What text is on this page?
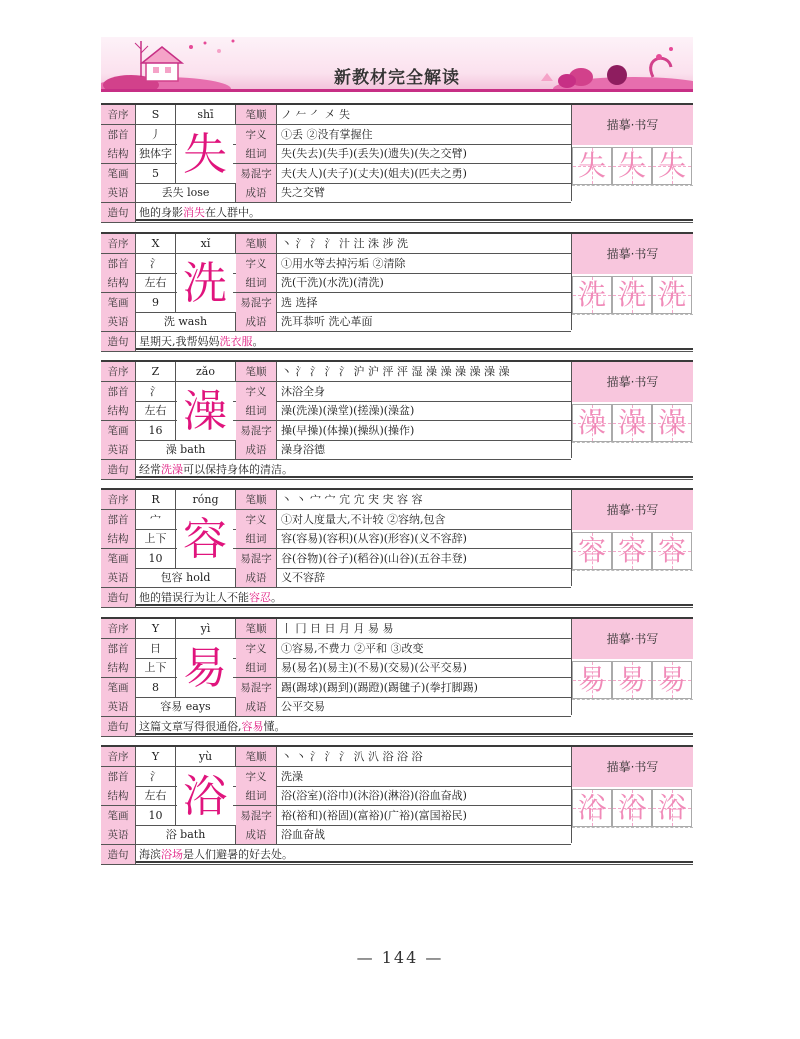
新教材完全解读
音序	S	shī	笔顺	ノ 𠂉 ㇒ 㐅 失
部首	丿	字义	①丢 ②没有掌握住
结构 独体字	组词	失(失去)(失手)(丢失)(遗失)(失之交臂)
笔画	5	易混字 夫(夫人)(夫子)(丈夫)(姐夫)(匹夫之勇)
英语	丢失 lose	成语	失之交臂
造句 他的身影消失在人群中。
失
描摹·书写
失 失 失
音序	X	xǐ	笔顺	丶 氵 氵 氵 汁 汢 洙 涉 洗
部首	氵	字义	①用水等去掉污垢 ②清除
结构	左右	组词	洗(干洗)(水洗)(清洗)
笔画	9	易混字 选 选择
英语	洗 wash	成语	洗耳恭听 洗心革面
造句 星期天,我帮妈妈洗衣服。
洗
描摹·书写
洗 洗 洗
音序	Z	zǎo	笔顺	丶 氵 氵 氵 氵 沪 沪 泙 泙 湿 澡 澡 澡 澡 澡 澡
部首	氵	字义	沐浴全身
结构	左右	组词	澡(洗澡)(澡堂)(搓澡)(澡盆)
笔画	16	易混字 操(早操)(体操)(操纵)(操作)
英语	澡 bath	成语	澡身浴德
造句 经常洗澡可以保持身体的清洁。
澡
描摹·书写
澡 澡 澡
音序	R	róng	笔顺	丶 丶 宀 宀 宂 宂 宊 宊 容 容
部首	宀	字义	①对人度量大,不计较 ②容纳,包含
结构	上下	组词	容(容易)(容积)(从容)(形容)(义不容辞)
笔画	10	易混字 谷(谷物)(谷子)(稻谷)(山谷)(五谷丰登)
英语	包容 hold	成语	义不容辞
造句 他的错误行为让人不能容忍。
容
描摹·书写
容 容 容
音序	Y	yì	笔顺	丨 冂 日 日 月 月 易 易
部首	日	字义	①容易,不费力 ②平和 ③改变
结构	上下	组词	易(易名)(易主)(不易)(交易)(公平交易)
笔画	8	易混字 踢(踢球)(踢到)(踢蹬)(踢毽子)(拳打脚踢)
英语	容易 eays	成语	公平交易
造句 这篇文章写得很通俗,容易懂。
易
描摹·书写
易 易 易
音序	Y	yù	笔顺	丶 丶 氵 氵 氵 汃 汃 浴 浴 浴
部首	氵	字义	洗澡
结构	左右	组词	浴(浴室)(浴巾)(沐浴)(淋浴)(浴血奋战)
笔画	10	易混字 裕(裕和)(裕固)(富裕)(广裕)(富国裕民)
英语	浴 bath	成语	浴血奋战
造句 海滨浴场是人们避暑的好去处。
浴
描摹·书写
浴 浴 浴
— 144 —
